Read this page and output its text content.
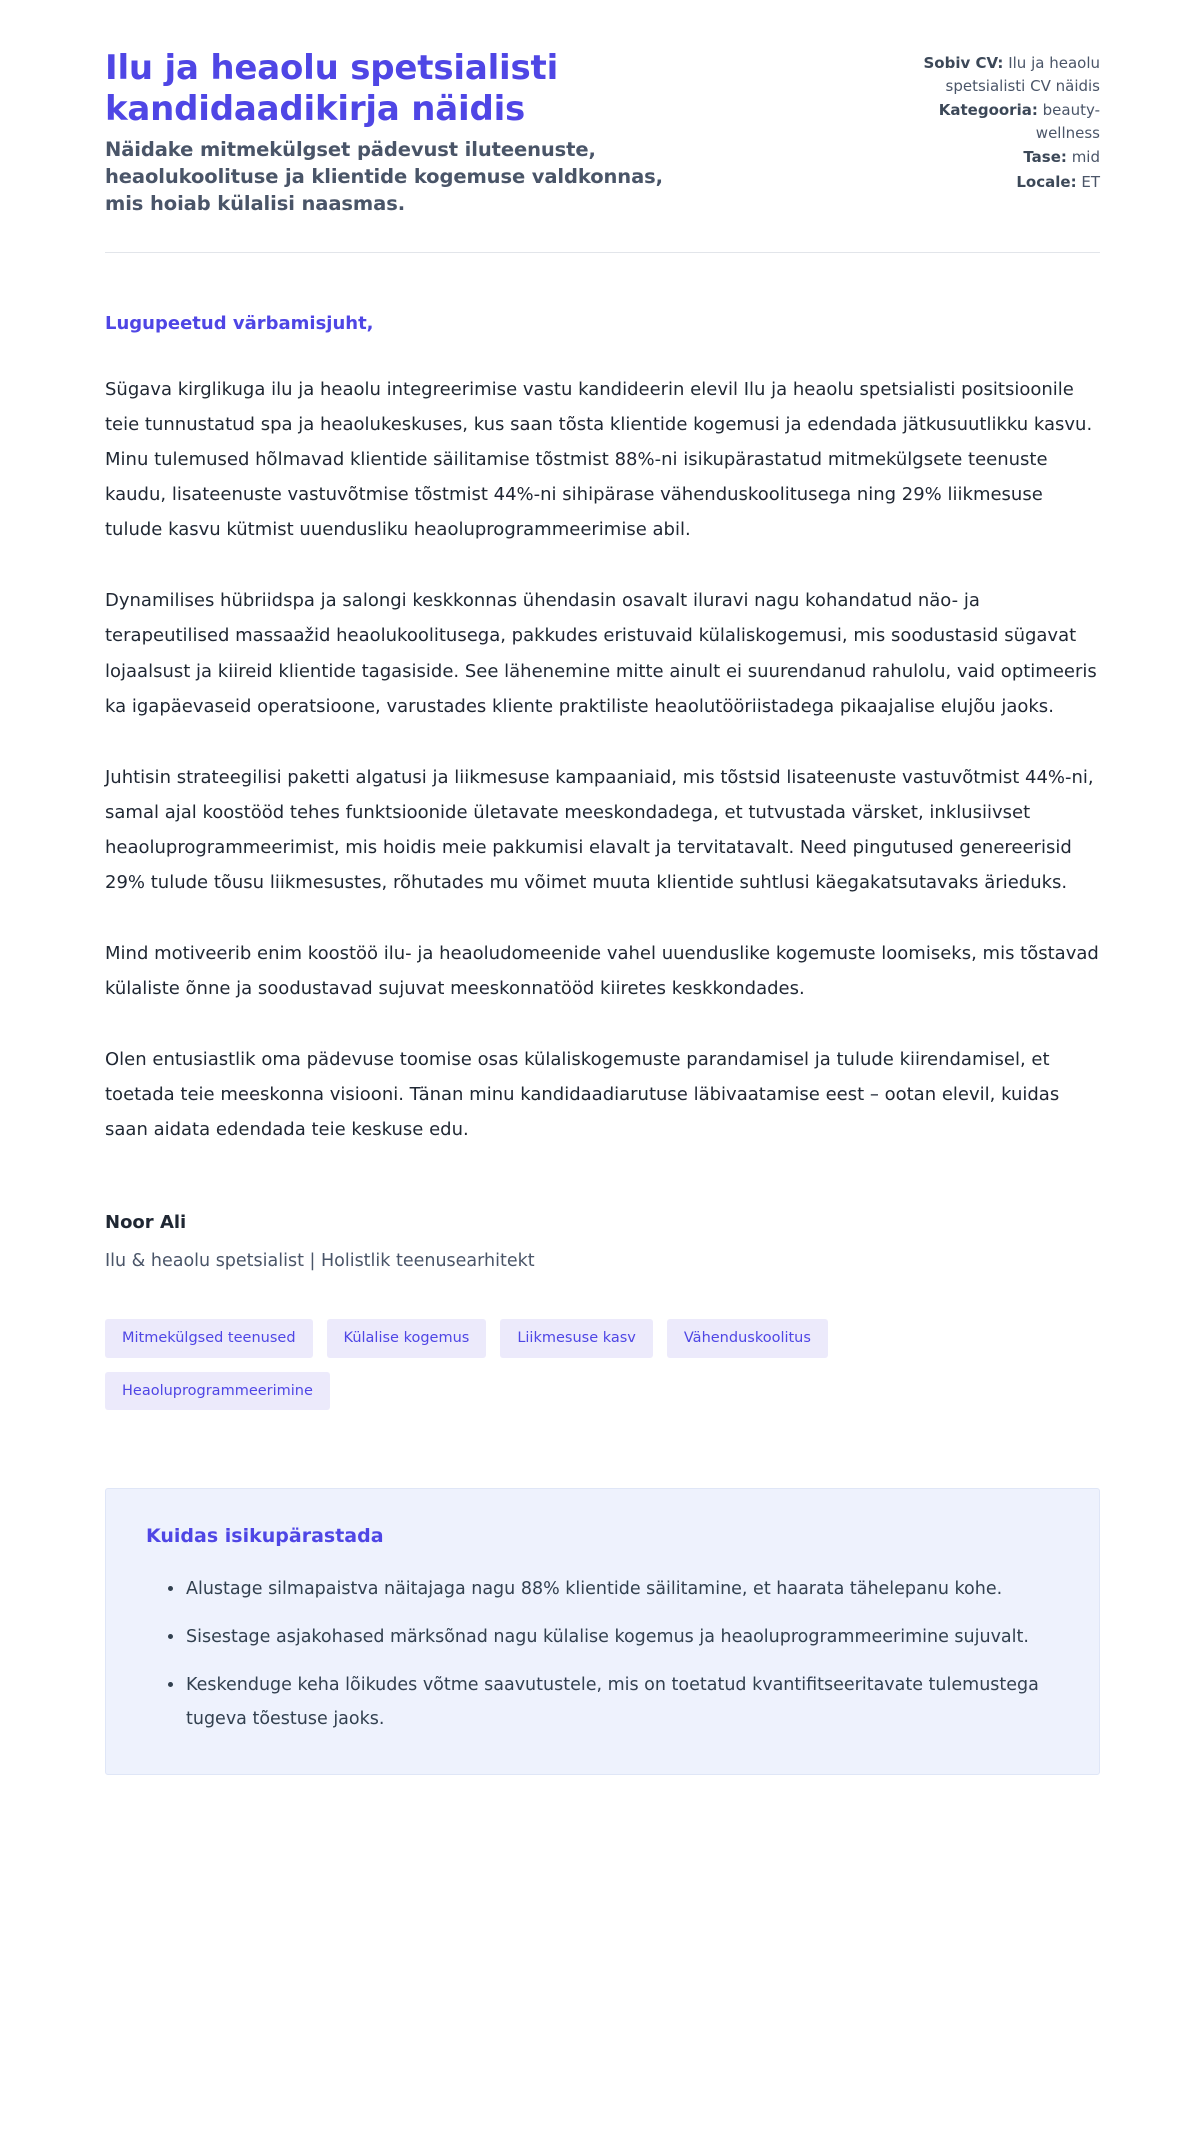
Ilu ja heaolu spetsialisti kandidaadikirja näidis

Näidake mitmekülgset pädevust iluteenuste, heaolukoolituse ja klientide kogemuse valdkonnas, mis hoiab külalisi naasmas.

Sobiv CV: Ilu ja heaolu spetsialisti CV näidis
Kategooria: beauty-wellness
Tase: mid
Locale: ET

Lugupeetud värbamisjuht,

Sügava kirglikuga ilu ja heaolu integreerimise vastu kandideerin elevil Ilu ja heaolu spetsialisti positsioonile teie tunnustatud spa ja heaolukeskuses, kus saan tõsta klientide kogemusi ja edendada jätkusuutlikku kasvu. Minu tulemused hõlmavad klientide säilitamise tõstmist 88%-ni isikupärastatud mitmekülgsete teenuste kaudu, lisateenuste vastuvõtmise tõstmist 44%-ni sihipärase vähenduskoolitusega ning 29% liikmesuse tulude kasvu kütmist uuendusliku heaoluprogrammeerimise abil.

Dynamilises hübriidspa ja salongi keskkonnas ühendasin osavalt iluravi nagu kohandatud näo- ja terapeutilised massaažid heaolukoolitusega, pakkudes eristuvaid külaliskogemusi, mis soodustasid sügavat lojaalsust ja kiireid klientide tagasiside. See lähenemine mitte ainult ei suurendanud rahulolu, vaid optimeeris ka igapäevaseid operatsioone, varustades kliente praktiliste heaolutööriistadega pikaajalise elujõu jaoks.

Juhtisin strateegilisi paketti algatusi ja liikmesuse kampaaniaid, mis tõstsid lisateenuste vastuvõtmist 44%-ni, samal ajal koostööd tehes funktsioonide ületavate meeskondadega, et tutvustada värsket, inklusiivset heaoluprogrammeerimist, mis hoidis meie pakkumisi elavalt ja tervitatavalt. Need pingutused genereerisid 29% tulude tõusu liikmesustes, rõhutades mu võimet muuta klientide suhtlusi käegakatsutavaks ärieduks.

Mind motiveerib enim koostöö ilu- ja heaoludomeenide vahel uuenduslike kogemuste loomiseks, mis tõstavad külaliste õnne ja soodustavad sujuvat meeskonnatööd kiiretes keskkondades.

Olen entusiastlik oma pädevuse toomise osas külaliskogemuste parandamisel ja tulude kiirendamisel, et toetada teie meeskonna visiooni. Tänan minu kandidaadiarutuse läbivaatamise eest – ootan elevil, kuidas saan aidata edendada teie keskuse edu.

Noor Ali

Ilu & heaolu spetsialist | Holistlik teenusearhitekt

Mitmekülgsed teenused	Külalise kogemus	Liikmesuse kasv	Vähenduskoolitus
Heaoluprogrammeerimine
Kuidas isikupärastada
Alustage silmapaistva näitajaga nagu 88% klientide säilitamine, et haarata tähelepanu kohe.
Sisestage asjakohased märksõnad nagu külalise kogemus ja heaoluprogrammeerimine sujuvalt.
Keskenduge keha lõikudes võtme saavutustele, mis on toetatud kvantifitseeritavate tulemustega tugeva tõestuse jaoks.
